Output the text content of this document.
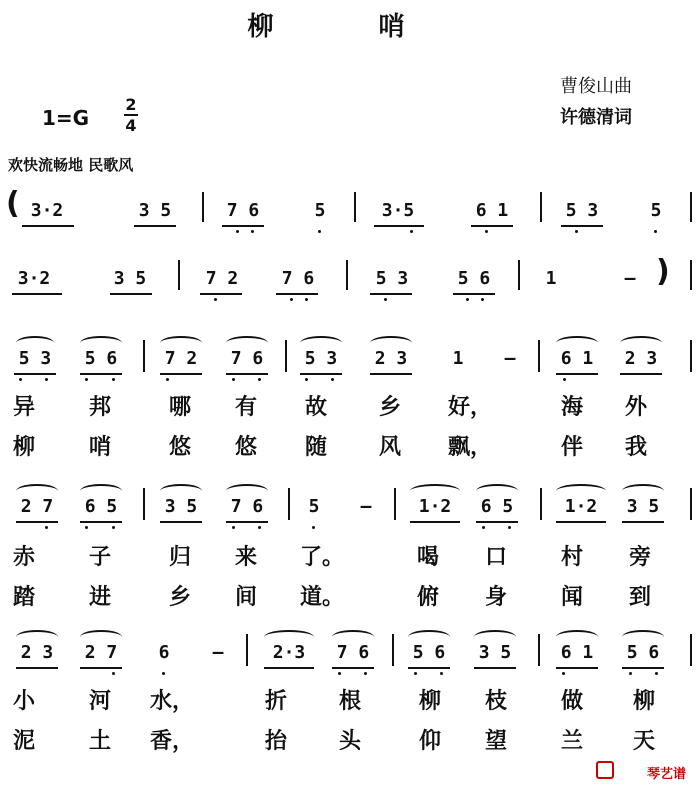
柳 哨
曹俊山曲
许德清词
1=G
2
4
欢快流畅地 民歌风
( 3·2	3 5	7 6	5	3·5	6 1	5 3	5
3·2	3 5	7 2 7 6	5 3	5 6	1	— )
5 3 5 6	7 2 7 6 5 3 2 3	1 —	6 1 2 3
异 邦	哪 有 故 乡 好，	海 外
柳 哨	悠 悠 随 风 飘，	伴 我
2 7 6 5	3 5 7 6	5 —	1·2 6 5	1·2 3 5
赤 子	归 来 了。	喝 口 村 旁
踏 进	乡 间 道。	俯 身 闻 到
2 3 2 7 6 —	2·3 7 6 5 6 3 5	6 1 5 6
小 河 水，	折 根	柳 枝 做 柳
泥 土 香，	抬 头	仰 望 兰 天
琴艺谱
